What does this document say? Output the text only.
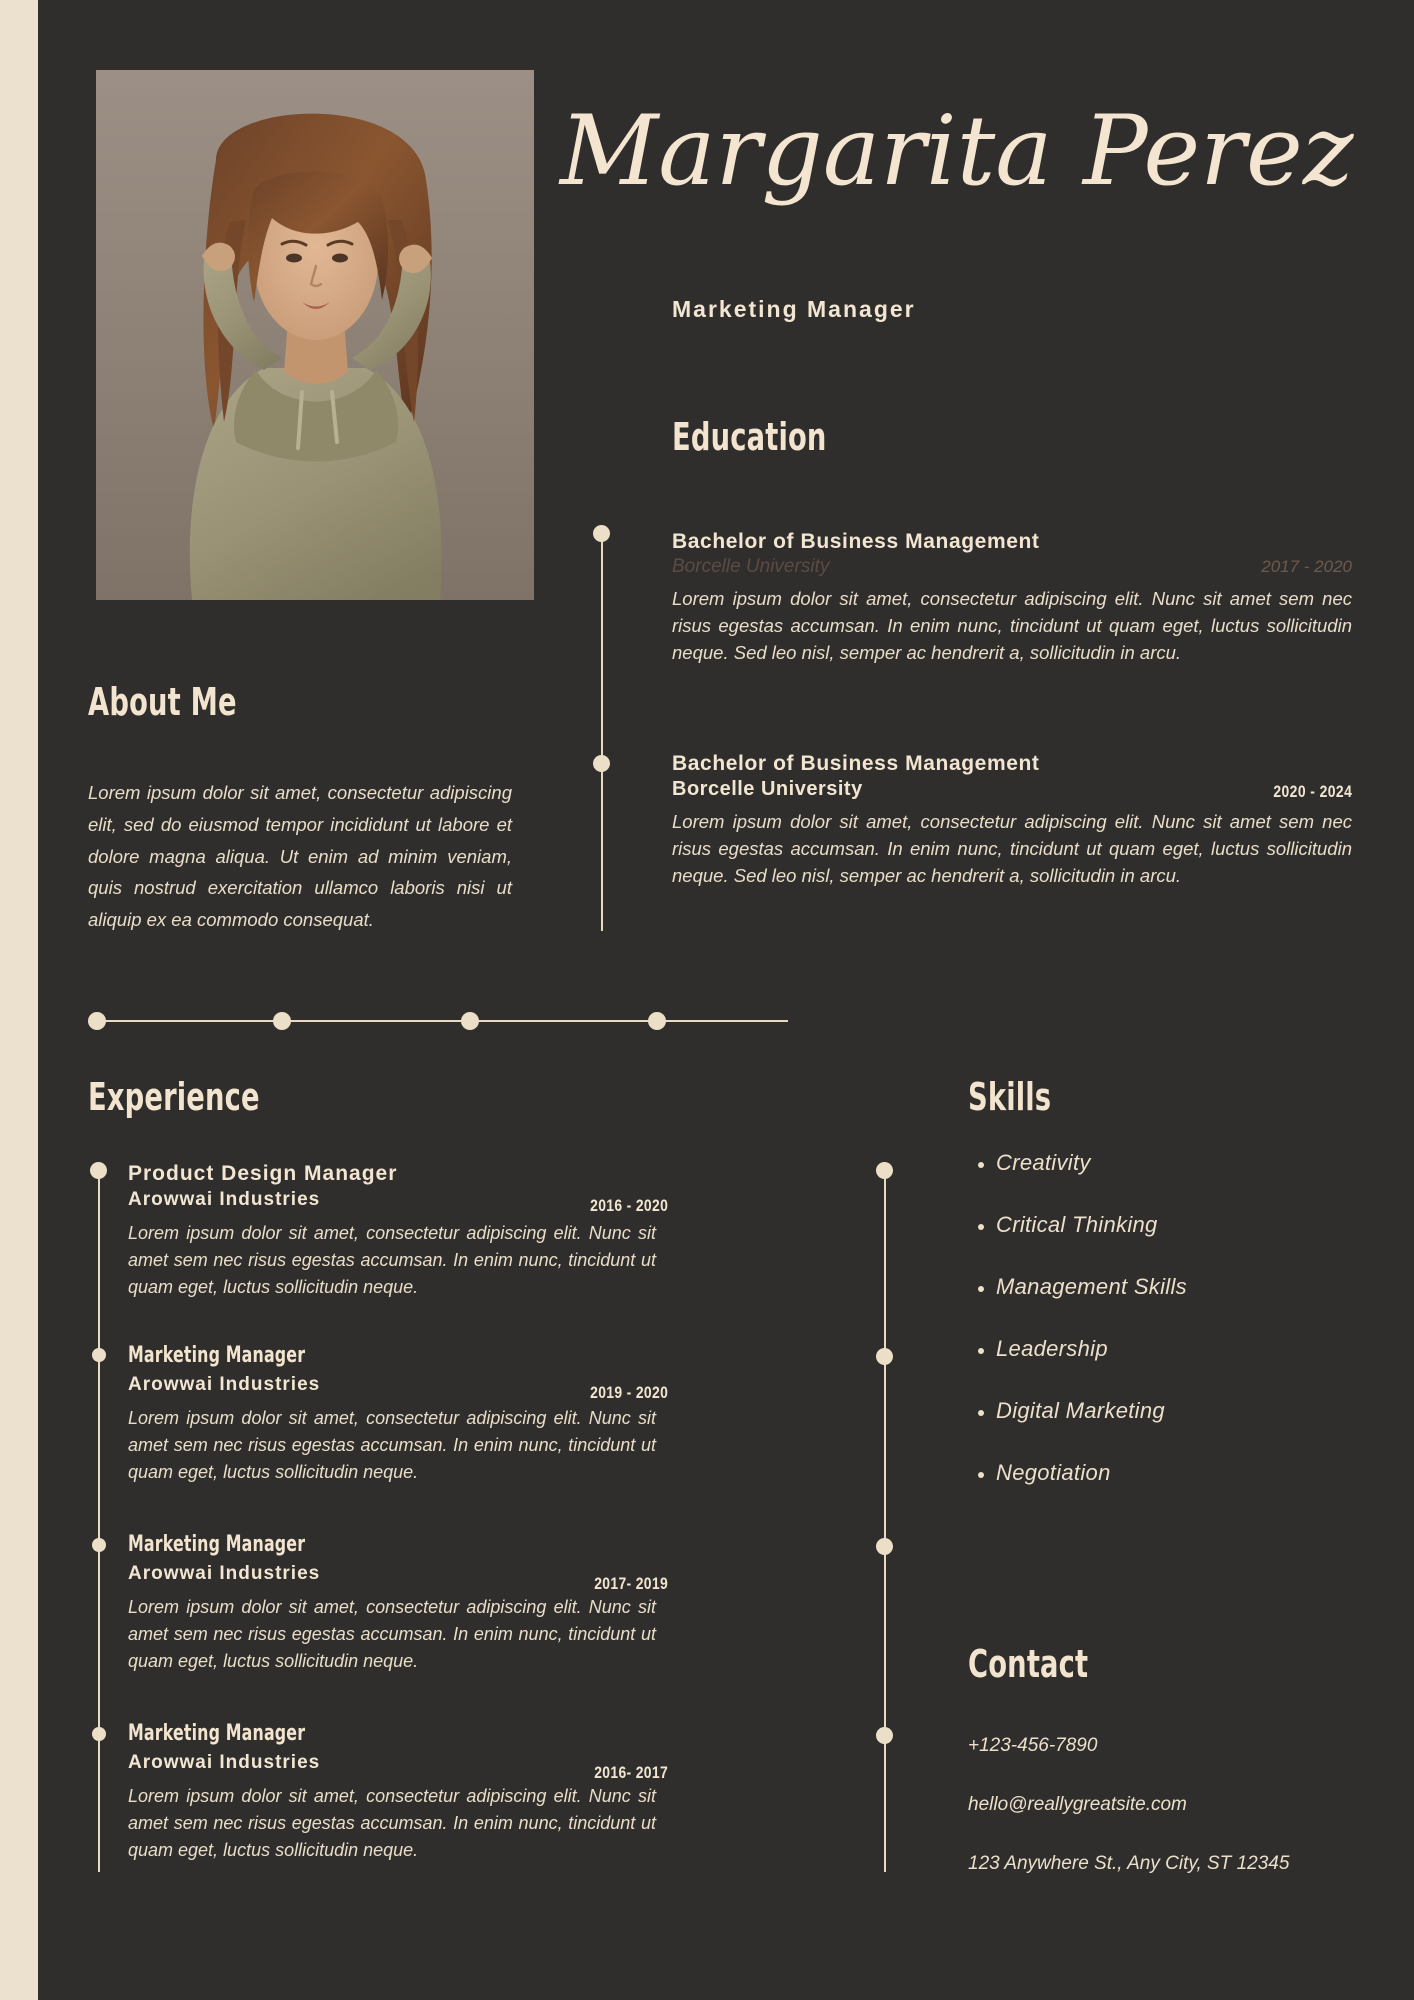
Margarita Perez
Marketing Manager
Education
2017 - 2020

Bachelor of Business Management

Borcelle University

Lorem ipsum dolor sit amet, consectetur adipiscing elit. Nunc sit amet sem nec risus egestas accumsan. In enim nunc, tincidunt ut quam eget, luctus sollicitudin neque. Sed leo nisl, semper ac hendrerit a, sollicitudin in arcu.

2020 - 2024

Bachelor of Business Management

Borcelle University

Lorem ipsum dolor sit amet, consectetur adipiscing elit. Nunc sit amet sem nec risus egestas accumsan. In enim nunc, tincidunt ut quam eget, luctus sollicitudin neque. Sed leo nisl, semper ac hendrerit a, sollicitudin in arcu.

About Me
Lorem ipsum dolor sit amet, consectetur adipiscing elit, sed do eiusmod tempor incididunt ut labore et dolore magna aliqua. Ut enim ad minim veniam, quis nostrud exercitation ullamco laboris nisi ut aliquip ex ea commodo consequat.
Experience
2016 - 2020

Product Design Manager

Arowwai Industries

Lorem ipsum dolor sit amet, consectetur adipiscing elit. Nunc sit amet sem nec risus egestas accumsan. In enim nunc, tincidunt ut quam eget, luctus sollicitudin neque.

2019 - 2020

Marketing Manager

Arowwai Industries

Lorem ipsum dolor sit amet, consectetur adipiscing elit. Nunc sit amet sem nec risus egestas accumsan. In enim nunc, tincidunt ut quam eget, luctus sollicitudin neque.

2017- 2019

Marketing Manager

Arowwai Industries

Lorem ipsum dolor sit amet, consectetur adipiscing elit. Nunc sit amet sem nec risus egestas accumsan. In enim nunc, tincidunt ut quam eget, luctus sollicitudin neque.

2016- 2017

Marketing Manager

Arowwai Industries

Lorem ipsum dolor sit amet, consectetur adipiscing elit. Nunc sit amet sem nec risus egestas accumsan. In enim nunc, tincidunt ut quam eget, luctus sollicitudin neque.

Skills
• Creativity
• Critical Thinking
• Management Skills
• Leadership
• Digital Marketing
• Negotiation
Contact
+123-456-7890
hello@reallygreatsite.com
123 Anywhere St., Any City, ST 12345
